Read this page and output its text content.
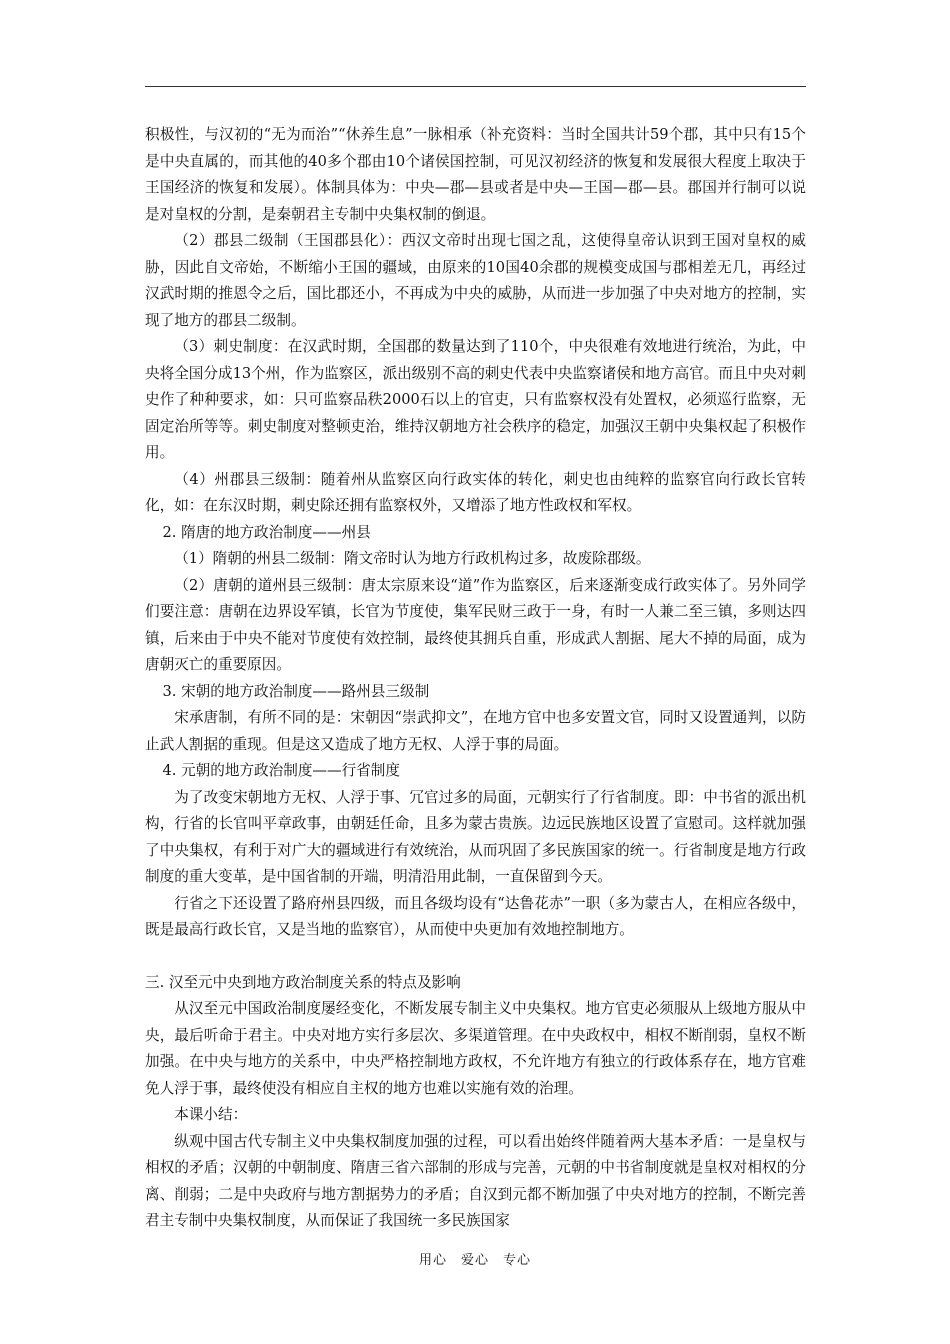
积极性，与汉初的“无为而治”“休养生息”一脉相承（补充资料：当时全国共计59个郡，其中只有15个是中央直属的，而其他的40多个郡由10个诸侯国控制，可见汉初经济的恢复和发展很大程度上取决于王国经济的恢复和发展）。体制具体为：中央—郡—县或者是中央—王国—郡—县。郡国并行制可以说是对皇权的分割，是秦朝君主专制中央集权制的倒退。

（2）郡县二级制（王国郡县化）：西汉文帝时出现七国之乱，这使得皇帝认识到王国对皇权的威胁，因此自文帝始，不断缩小王国的疆域，由原来的10国40余郡的规模变成国与郡相差无几，再经过汉武时期的推恩令之后，国比郡还小，不再成为中央的威胁，从而进一步加强了中央对地方的控制，实现了地方的郡县二级制。

（3）刺史制度：在汉武时期，全国郡的数量达到了110个，中央很难有效地进行统治，为此，中央将全国分成13个州，作为监察区，派出级别不高的刺史代表中央监察诸侯和地方高官。而且中央对刺史作了种种要求，如：只可监察品秩2000石以上的官吏，只有监察权没有处置权，必须巡行监察，无固定治所等等。刺史制度对整顿吏治，维持汉朝地方社会秩序的稳定，加强汉王朝中央集权起了积极作用。

（4）州郡县三级制：随着州从监察区向行政实体的转化，刺史也由纯粹的监察官向行政长官转化，如：在东汉时期，刺史除还拥有监察权外，又增添了地方性政权和军权。

2. 隋唐的地方政治制度——州县

（1）隋朝的州县二级制：隋文帝时认为地方行政机构过多，故废除郡级。

（2）唐朝的道州县三级制：唐太宗原来设“道”作为监察区，后来逐渐变成行政实体了。另外同学们要注意：唐朝在边界设军镇，长官为节度使，集军民财三政于一身，有时一人兼二至三镇，多则达四镇，后来由于中央不能对节度使有效控制，最终使其拥兵自重，形成武人割据、尾大不掉的局面，成为唐朝灭亡的重要原因。

3. 宋朝的地方政治制度——路州县三级制

宋承唐制，有所不同的是：宋朝因“崇武抑文”，在地方官中也多安置文官，同时又设置通判，以防止武人割据的重现。但是这又造成了地方无权、人浮于事的局面。

4. 元朝的地方政治制度——行省制度

为了改变宋朝地方无权、人浮于事、冗官过多的局面，元朝实行了行省制度。即：中书省的派出机构，行省的长官叫平章政事，由朝廷任命，且多为蒙古贵族。边远民族地区设置了宣慰司。这样就加强了中央集权，有利于对广大的疆域进行有效统治，从而巩固了多民族国家的统一。行省制度是地方行政制度的重大变革，是中国省制的开端，明清沿用此制，一直保留到今天。

行省之下还设置了路府州县四级，而且各级均设有“达鲁花赤”一职（多为蒙古人，在相应各级中，既是最高行政长官，又是当地的监察官），从而使中央更加有效地控制地方。

三. 汉至元中央到地方政治制度关系的特点及影响

从汉至元中国政治制度屡经变化，不断发展专制主义中央集权。地方官吏必须服从上级地方服从中央，最后听命于君主。中央对地方实行多层次、多渠道管理。在中央政权中，相权不断削弱，皇权不断加强。在中央与地方的关系中，中央严格控制地方政权，不允许地方有独立的行政体系存在，地方官难免人浮于事，最终使没有相应自主权的地方也难以实施有效的治理。

本课小结：

纵观中国古代专制主义中央集权制度加强的过程，可以看出始终伴随着两大基本矛盾：一是皇权与相权的矛盾；汉朝的中朝制度、隋唐三省六部制的形成与完善，元朝的中书省制度就是皇权对相权的分离、削弱；二是中央政府与地方割据势力的矛盾；自汉到元都不断加强了中央对地方的控制，不断完善君主专制中央集权制度，从而保证了我国统一多民族国家

用心　爱心　专心
